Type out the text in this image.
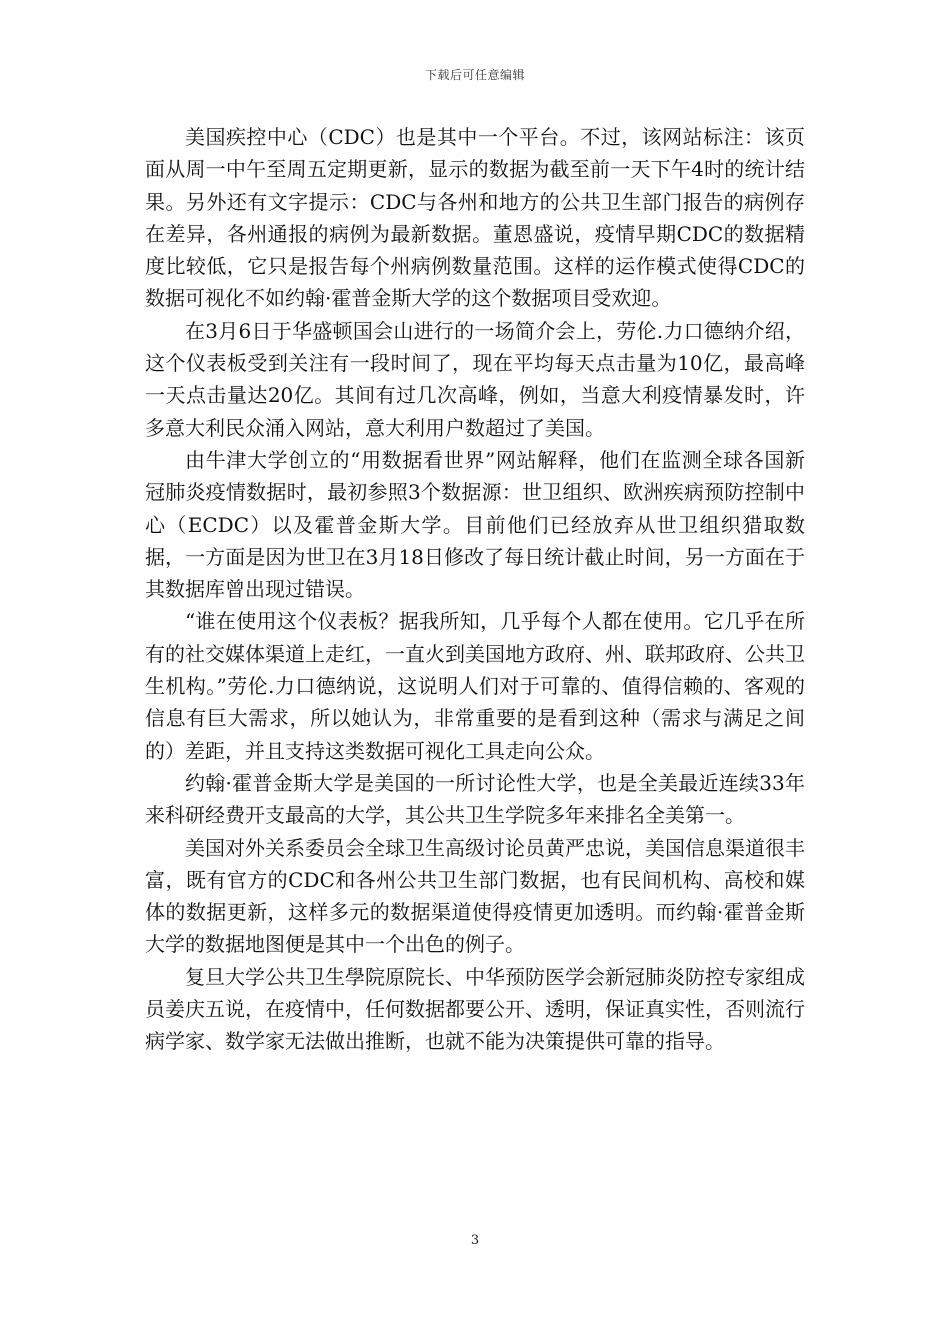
下载后可任意编辑

美国疾控中心（CDC）也是其中一个平台。不过，该网站标注：该页面从周一中午至周五定期更新，显示的数据为截至前一天下午4时的统计结果。另外还有文字提示：CDC与各州和地方的公共卫生部门报告的病例存在差异，各州通报的病例为最新数据。董恩盛说，疫情早期CDC的数据精度比较低，它只是报告每个州病例数量范围。这样的运作模式使得CDC的数据可视化不如约翰·霍普金斯大学的这个数据项目受欢迎。

在3月6日于华盛顿国会山进行的一场简介会上，劳伦.力口德纳介绍，这个仪表板受到关注有一段时间了，现在平均每天点击量为10亿，最高峰一天点击量达20亿。其间有过几次高峰，例如，当意大利疫情暴发时，许多意大利民众涌入网站，意大利用户数超过了美国。

由牛津大学创立的“用数据看世界”网站解释，他们在监测全球各国新冠肺炎疫情数据时，最初参照3个数据源：世卫组织、欧洲疾病预防控制中心（ECDC）以及霍普金斯大学。目前他们已经放弃从世卫组织猎取数据，一方面是因为世卫在3月18日修改了每日统计截止时间，另一方面在于其数据库曾出现过错误。

“谁在使用这个仪表板？据我所知，几乎每个人都在使用。它几乎在所有的社交媒体渠道上走红，一直火到美国地方政府、州、联邦政府、公共卫生机构。”劳伦.力口德纳说，这说明人们对于可靠的、值得信赖的、客观的信息有巨大需求，所以她认为，非常重要的是看到这种（需求与满足之间的）差距，并且支持这类数据可视化工具走向公众。

约翰·霍普金斯大学是美国的一所讨论性大学，也是全美最近连续33年来科研经费开支最高的大学，其公共卫生学院多年来排名全美第一。

美国对外关系委员会全球卫生高级讨论员黄严忠说，美国信息渠道很丰富，既有官方的CDC和各州公共卫生部门数据，也有民间机构、高校和媒体的数据更新，这样多元的数据渠道使得疫情更加透明。而约翰·霍普金斯大学的数据地图便是其中一个出色的例子。

复旦大学公共卫生學院原院长、中华预防医学会新冠肺炎防控专家组成员姜庆五说，在疫情中，任何数据都要公开、透明，保证真实性，否则流行病学家、数学家无法做出推断，也就不能为决策提供可靠的指导。

3
